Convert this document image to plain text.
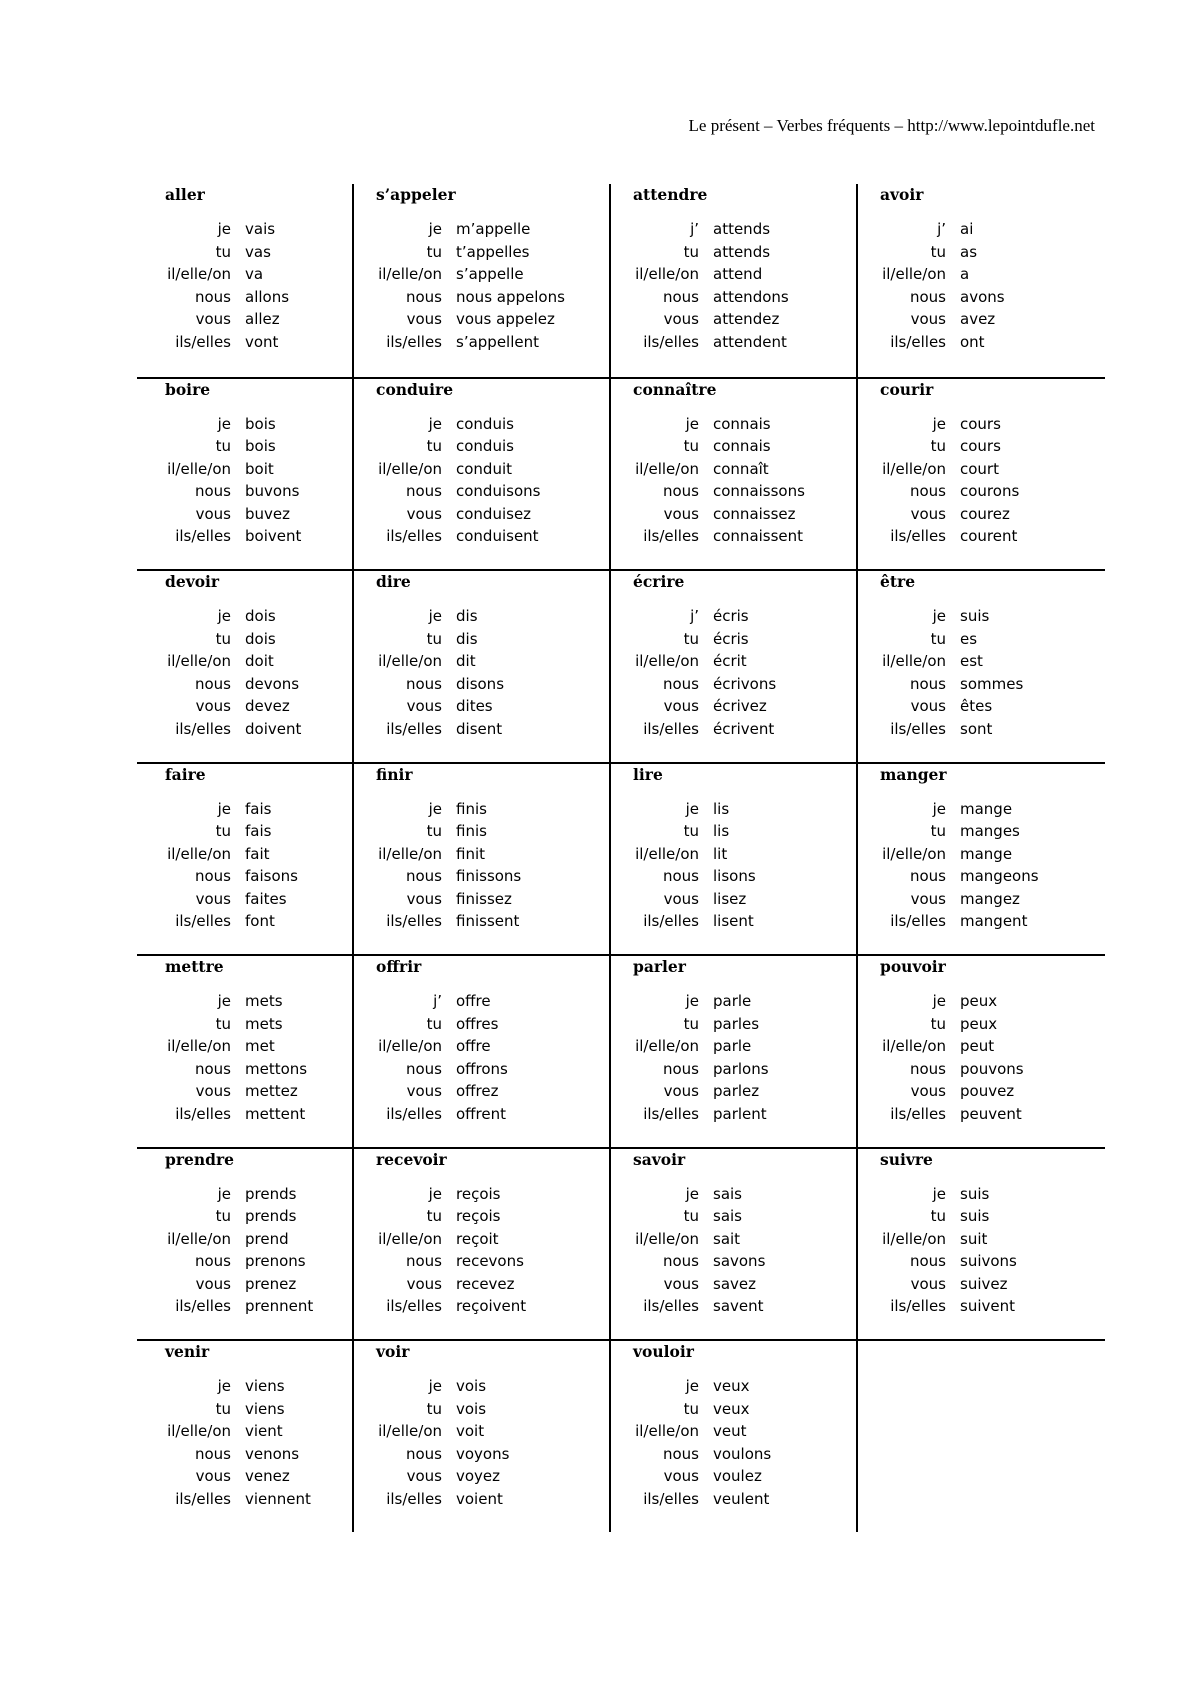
Le présent – Verbes fréquents – http://www.lepointdufle.net
aller
je vais
tu vas
il/elle/on va
nous allons
vous allez
ils/elles vont
s’appeler
je m’appelle
tu t’appelles
il/elle/on s’appelle
nous nous appelons
vous vous appelez
ils/elles s’appellent
attendre
j’ attends
tu attends
il/elle/on attend
nous attendons
vous attendez
ils/elles attendent
avoir
j’ ai
tu as
il/elle/on a
nous avons
vous avez
ils/elles ont
boire
je bois
tu bois
il/elle/on boit
nous buvons
vous buvez
ils/elles boivent
conduire
je conduis
tu conduis
il/elle/on conduit
nous conduisons
vous conduisez
ils/elles conduisent
connaître
je connais
tu connais
il/elle/on connaît
nous connaissons
vous connaissez
ils/elles connaissent
courir
je cours
tu cours
il/elle/on court
nous courons
vous courez
ils/elles courent
devoir
je dois
tu dois
il/elle/on doit
nous devons
vous devez
ils/elles doivent
dire
je dis
tu dis
il/elle/on dit
nous disons
vous dites
ils/elles disent
écrire
j’ écris
tu écris
il/elle/on écrit
nous écrivons
vous écrivez
ils/elles écrivent
être
je suis
tu es
il/elle/on est
nous sommes
vous êtes
ils/elles sont
faire
je fais
tu fais
il/elle/on fait
nous faisons
vous faites
ils/elles font
finir
je finis
tu finis
il/elle/on finit
nous finissons
vous finissez
ils/elles finissent
lire
je lis
tu lis
il/elle/on lit
nous lisons
vous lisez
ils/elles lisent
manger
je mange
tu manges
il/elle/on mange
nous mangeons
vous mangez
ils/elles mangent
mettre
je mets
tu mets
il/elle/on met
nous mettons
vous mettez
ils/elles mettent
offrir
j’ offre
tu offres
il/elle/on offre
nous offrons
vous offrez
ils/elles offrent
parler
je parle
tu parles
il/elle/on parle
nous parlons
vous parlez
ils/elles parlent
pouvoir
je peux
tu peux
il/elle/on peut
nous pouvons
vous pouvez
ils/elles peuvent
prendre
je prends
tu prends
il/elle/on prend
nous prenons
vous prenez
ils/elles prennent
recevoir
je reçois
tu reçois
il/elle/on reçoit
nous recevons
vous recevez
ils/elles reçoivent
savoir
je sais
tu sais
il/elle/on sait
nous savons
vous savez
ils/elles savent
suivre
je suis
tu suis
il/elle/on suit
nous suivons
vous suivez
ils/elles suivent
venir
je viens
tu viens
il/elle/on vient
nous venons
vous venez
ils/elles viennent
voir
je vois
tu vois
il/elle/on voit
nous voyons
vous voyez
ils/elles voient
vouloir
je veux
tu veux
il/elle/on veut
nous voulons
vous voulez
ils/elles veulent
